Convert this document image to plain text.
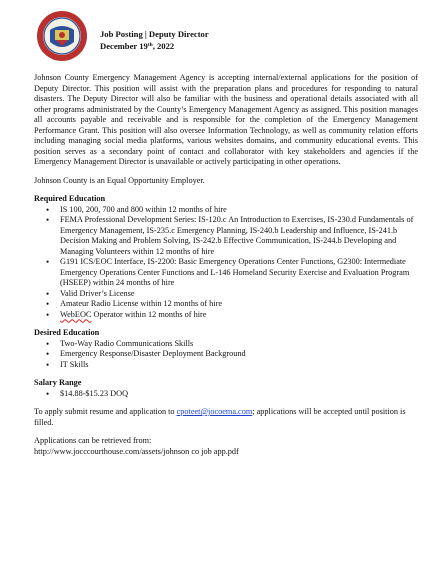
Job Posting | Deputy Director
December 19th, 2022

Johnson County Emergency Management Agency is accepting internal/external applications for the position of Deputy Director. This position will assist with the preparation plans and procedures for responding to natural disasters. The Deputy Director will also be familiar with the business and operational details associated with all other programs administrated by the County’s Emergency Management Agency as assigned. This position manages all accounts payable and receivable and is responsible for the completion of the Emergency Management Performance Grant. This position will also oversee Information Technology, as well as community relation efforts including managing social media platforms, various websites domains, and community educational events. This position serves as a secondary point of contact and collaborator with key stakeholders and agencies if the Emergency Management Director is unavailable or actively participating in other operations.

Johnson County is an Equal Opportunity Employer.

Required Education

• IS 100, 200, 700 and 800 within 12 months of hire
• FEMA Professional Development Series: IS-120.c An Introduction to Exercises, IS-230.d Fundamentals of Emergency Management, IS-235.c Emergency Planning, IS-240.b Leadership and Influence, IS-241.b Decision Making and Problem Solving, IS-242.b Effective Communication, IS-244.b Developing and Managing Volunteers within 12 months of hire
• G191 ICS/EOC Interface, IS-2200: Basic Emergency Operations Center Functions, G2300: Intermediate Emergency Operations Center Functions and L-146 Homeland Security Exercise and Evaluation Program (HSEEP) within 24 months of hire
• Valid Driver’s License
• Amateur Radio License within 12 months of hire
• WebEOC Operator within 12 months of hire

Desired Education

• Two-Way Radio Communications Skills
• Emergency Response/Disaster Deployment Background
• IT Skills

Salary Range

• $14.88-$15.23 DOQ

To apply submit resume and application to cpoteet@jocoema.com; applications will be accepted until position is filled.

Applications can be retrieved from:

http://www.jocccourthouse.com/assets/johnson co job app.pdf
